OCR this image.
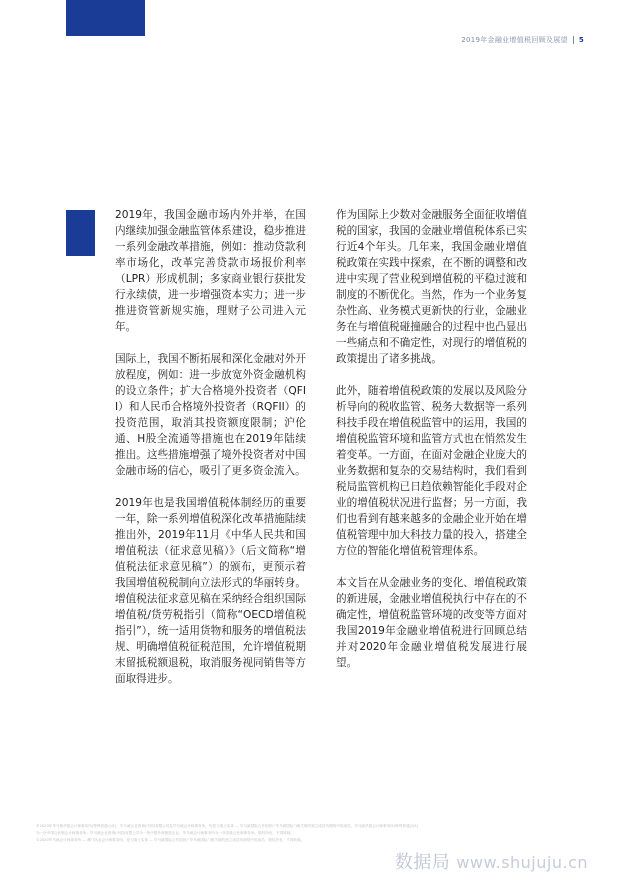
2019年金融业增值税回顾及展望 5

2019年，我国金融市场内外并举，在国内继续加强金融监管体系建设，稳步推进一系列金融改革措施，例如：推动贷款利率市场化，改革完善贷款市场报价利率（LPR）形成机制；多家商业银行获批发行永续债，进一步增强资本实力；进一步推进资管新规实施，理财子公司进入元年。

国际上，我国不断拓展和深化金融对外开放程度，例如：进一步放宽外资金融机构的设立条件；扩大合格境外投资者（QFII）和人民币合格境外投资者（RQFII）的投资范围，取消其投资额度限制；沪伦通、H股全流通等措施也在2019年陆续推出。这些措施增强了境外投资者对中国金融市场的信心，吸引了更多资金流入。

2019年也是我国增值税体制经历的重要一年，除一系列增值税深化改革措施陆续推出外，2019年11月《中华人民共和国增值税法（征求意见稿）》（后文简称“增值税法征求意见稿”）的颁布，更预示着我国增值税税制向立法形式的华丽转身。增值税法征求意见稿在采纳经合组织国际增值税/货劳税指引（简称“OECD增值税指引”），统一适用货物和服务的增值税法规、明确增值税征税范围，允许增值税期末留抵税额退税，取消服务视同销售等方面取得进步。

作为国际上少数对金融服务全面征收增值税的国家，我国的金融业增值税体系已实行近4个年头。几年来，我国金融业增值税政策在实践中探索，在不断的调整和改进中实现了营业税到增值税的平稳过渡和制度的不断优化。当然，作为一个业务复杂性高、业务模式更新快的行业，金融业务在与增值税碰撞融合的过程中也凸显出一些痛点和不确定性，对现行的增值税的政策提出了诸多挑战。

此外，随着增值税政策的发展以及风险分析导向的税收监管、税务大数据等一系列科技手段在增值税监管中的运用，我国的增值税监管环境和监管方式也在悄然发生着变革。一方面，在面对金融企业庞大的业务数据和复杂的交易结构时，我们看到税局监管机构已日趋依赖智能化手段对企业的增值税状况进行监督；另一方面，我们也看到有越来越多的金融企业开始在增值税管理中加大科技力量的投入，搭建全方位的智能化增值税管理体系。

本文旨在从金融业务的变化、增值税政策的新进展，金融业增值税执行中存在的不确定性，增值税监管环境的改变等方面对我国2019年金融业增值税进行回顾总结并对2020年金融业增值税发展进行展望。

©2020年毕马威华振会计师事务所(特殊普通合伙)、毕马威企业咨询(中国)有限公司及毕马威会计师事务所，均是与瑞士实体 — 毕马威国际合作组织(“毕马威国际”)相关联的独立成员所网络中的成员。毕马威华振会计师事务所(特殊普通合伙)
为一所中国合伙制会计师事务所；毕马威企业咨询(中国)有限公司为一所中国外商独资企业；毕马威会计师事务所为一所香港合伙制事务所。版权所有，不得转载。
©2020毕马威会计师事务所 — 澳门执业会计师事务所，是与瑞士实体 — 毕马威国际合作组织(“毕马威国际”)相关联的独立成员所网络中的成员。版权所有，不得转载。
数据局 www.shujuju.cn
